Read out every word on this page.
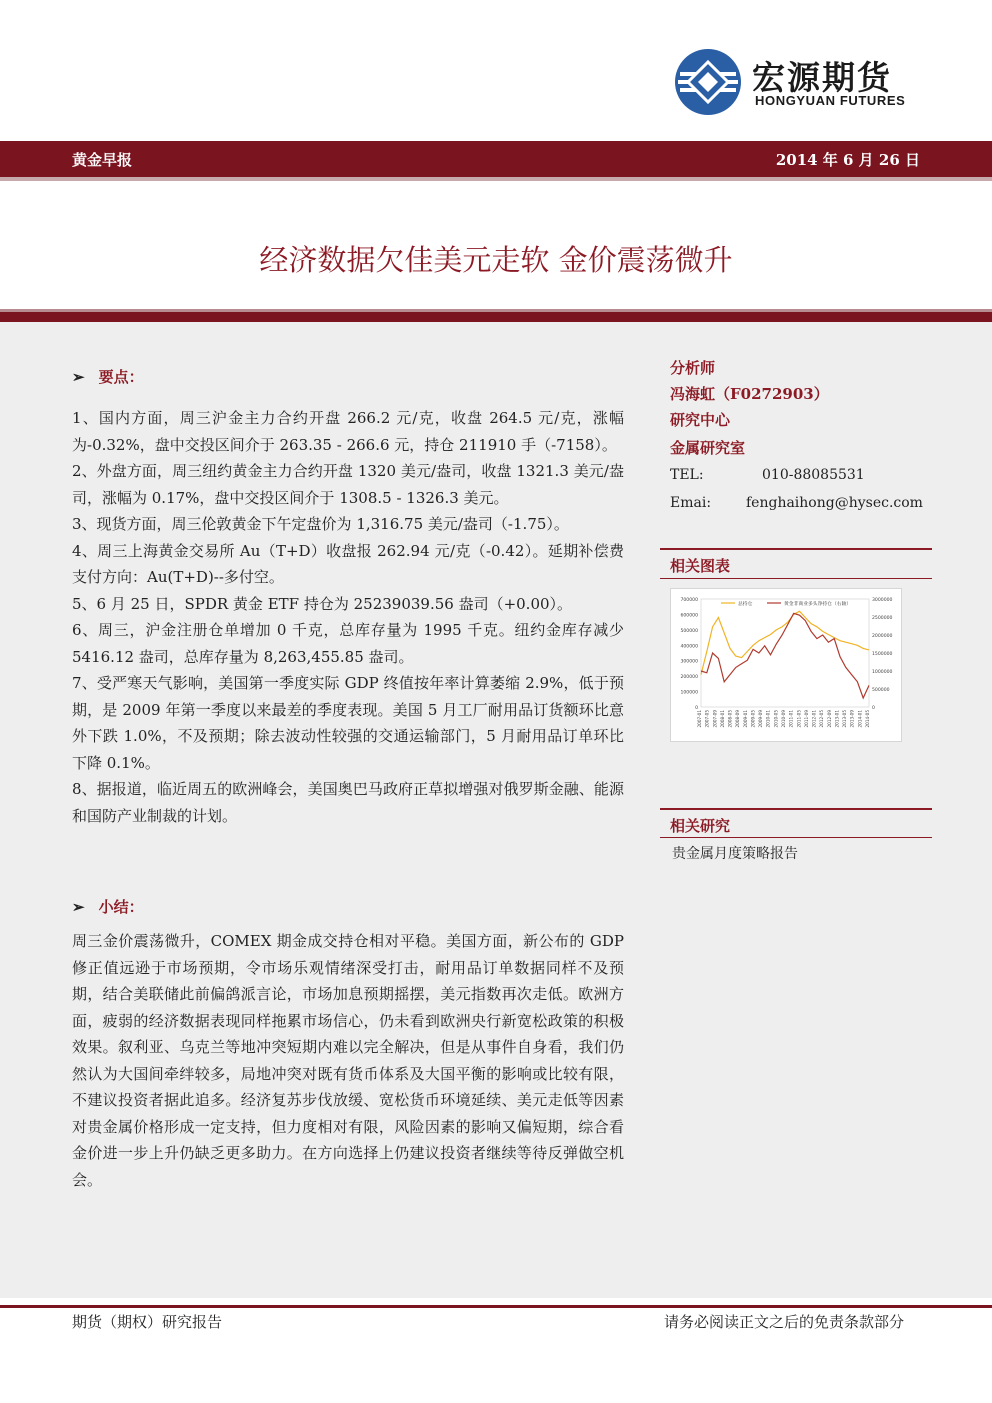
宏源期货
HONGYUAN FUTURES
黄金早报	2014 年 6 月 26 日
经济数据欠佳美元走软 金价震荡微升
➢ 要点：

1、国内方面，周三沪金主力合约开盘 266.2 元/克，收盘 264.5 元/克，涨幅为-0.32%，盘中交投区间介于 263.35 - 266.6 元，持仓 211910 手（-7158）。

2、外盘方面，周三纽约黄金主力合约开盘 1320 美元/盎司，收盘 1321.3 美元/盎司，涨幅为 0.17%，盘中交投区间介于 1308.5 - 1326.3 美元。

3、现货方面，周三伦敦黄金下午定盘价为 1,316.75 美元/盎司（-1.75）。

4、周三上海黄金交易所 Au（T+D）收盘报 262.94 元/克（-0.42）。延期补偿费支付方向：Au(T+D)--多付空。

5、6 月 25 日，SPDR 黄金 ETF 持仓为 25239039.56 盎司（+0.00）。

6、周三，沪金注册仓单增加 0 千克，总库存量为 1995 千克。纽约金库存减少 5416.12 盎司，总库存量为 8,263,455.85 盎司。

7、受严寒天气影响，美国第一季度实际 GDP 终值按年率计算萎缩 2.9%，低于预期，是 2009 年第一季度以来最差的季度表现。美国 5 月工厂耐用品订货额环比意外下跌 1.0%，不及预期；除去波动性较强的交通运输部门，5 月耐用品订单环比下降 0.1%。

8、据报道，临近周五的欧洲峰会，美国奥巴马政府正草拟增强对俄罗斯金融、能源和国防产业制裁的计划。

➢ 小结：

周三金价震荡微升，COMEX 期金成交持仓相对平稳。美国方面，新公布的 GDP 修正值远逊于市场预期，令市场乐观情绪深受打击，耐用品订单数据同样不及预期，结合美联储此前偏鸽派言论，市场加息预期摇摆，美元指数再次走低。欧洲方面，疲弱的经济数据表现同样拖累市场信心，仍未看到欧洲央行新宽松政策的积极效果。叙利亚、乌克兰等地冲突短期内难以完全解决，但是从事件自身看，我们仍然认为大国间牵绊较多，局地冲突对既有货币体系及大国平衡的影响或比较有限，不建议投资者据此追多。经济复苏步伐放缓、宽松货币环境延续、美元走低等因素对贵金属价格形成一定支持，但力度相对有限，风险因素的影响又偏短期，综合看金价进一步上升仍缺乏更多助力。在方向选择上仍建议投资者继续等待反弹做空机会。

分析师
冯海虹（F0272903）
研究中心
金属研究室
TEL:	010-88085531
Emai: fenghaihong@hysec.com
相关图表
700000
600000
500000
400000
300000
200000
100000
0
3000000
2500000
2000000
1500000
1000000
500000
0
2007-01 2007-05 2007-09 2008-01 2008-05 2008-09 2009-01 2009-05 2009-09 2010-01 2010-05 2010-09 2011-01 2011-05 2011-09 2012-01 2012-05 2012-09 2013-01 2013-05 2013-09 2014-01 2014-05
总持仓	黄金非商业多头净持仓（右轴）
相关研究
贵金属月度策略报告
期货（期权）研究报告	请务必阅读正文之后的免责条款部分
